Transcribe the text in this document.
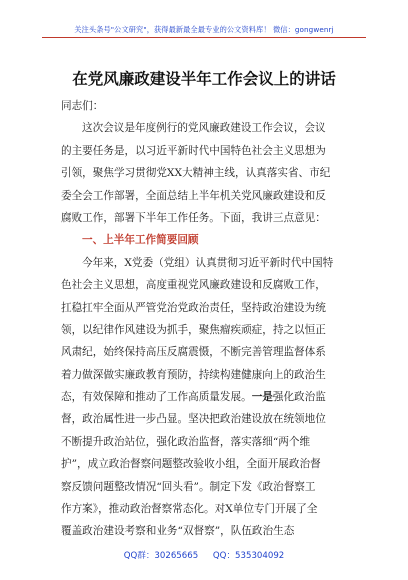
关注头条号"公文研究"，获得最新最全最专业的公文资料库！ 微信：gongwenrj
在党风廉政建设半年工作会议上的讲话
同志们：
这次会议是年度例行的党风廉政建设工作会议，会议
的主要任务是，以习近平新时代中国特色社会主义思想为
引领，聚焦学习贯彻党XX大精神主线，认真落实省、市纪
委全会工作部署，全面总结上半年机关党风廉政建设和反
腐败工作，部署下半年工作任务。下面，我讲三点意见：
一、上半年工作简要回顾
今年来，X党委（党组）认真贯彻习近平新时代中国特
色社会主义思想，高度重视党风廉政建设和反腐败工作，
扛稳扛牢全面从严管党治党政治责任，坚持政治建设为统
领，以纪律作风建设为抓手，聚焦瘤疾顽症，持之以恒正
风肃纪，始终保持高压反腐震慑，不断完善管理监督体系
着力做深做实廉政教育预防，持续构建健康向上的政治生
态，有效保障和推动了工作高质量发展。一是强化政治监
督，政治属性进一步凸显。坚决把政治建设放在统领地位
不断提升政治站位，强化政治监督，落实落细“两个维
护”，成立政治督察问题整改验收小组，全面开展政治督
察反馈问题整改情况“回头看”。制定下发《政治督察工
作方案》，推动政治督察常态化。对X单位专门开展了全
覆盖政治建设考察和业务“双督察”，队伍政治生态
QQ群：30265665 QQ：535304092
